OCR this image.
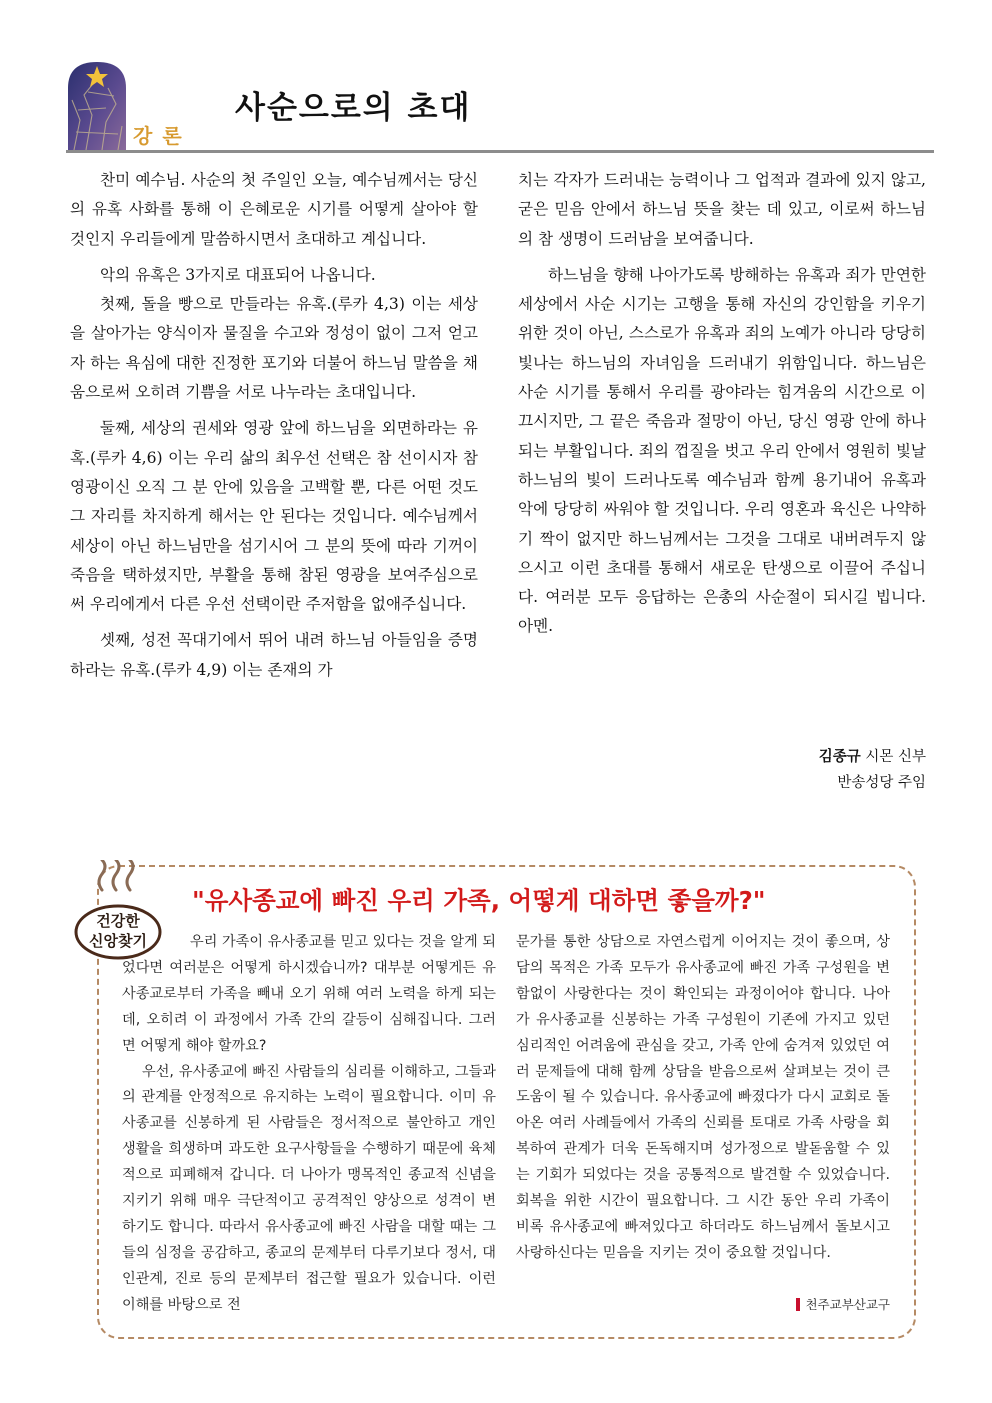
강론
사순으로의 초대

찬미 예수님. 사순의 첫 주일인 오늘, 예수님께서는 당신의 유혹 사화를 통해 이 은혜로운 시기를 어떻게 살아야 할 것인지 우리들에게 말씀하시면서 초대하고 계십니다.

악의 유혹은 3가지로 대표되어 나옵니다.

첫째, 돌을 빵으로 만들라는 유혹.(루카 4,3) 이는 세상을 살아가는 양식이자 물질을 수고와 정성이 없이 그저 얻고자 하는 욕심에 대한 진정한 포기와 더불어 하느님 말씀을 채움으로써 오히려 기쁨을 서로 나누라는 초대입니다.

둘째, 세상의 권세와 영광 앞에 하느님을 외면하라는 유혹.(루카 4,6) 이는 우리 삶의 최우선 선택은 참 선이시자 참 영광이신 오직 그 분 안에 있음을 고백할 뿐, 다른 어떤 것도 그 자리를 차지하게 해서는 안 된다는 것입니다. 예수님께서 세상이 아닌 하느님만을 섬기시어 그 분의 뜻에 따라 기꺼이 죽음을 택하셨지만, 부활을 통해 참된 영광을 보여주심으로써 우리에게서 다른 우선 선택이란 주저함을 없애주십니다.

셋째, 성전 꼭대기에서 뛰어 내려 하느님 아들임을 증명하라는 유혹.(루카 4,9) 이는 존재의 가

치는 각자가 드러내는 능력이나 그 업적과 결과에 있지 않고, 굳은 믿음 안에서 하느님 뜻을 찾는 데 있고, 이로써 하느님의 참 생명이 드러남을 보여줍니다.

하느님을 향해 나아가도록 방해하는 유혹과 죄가 만연한 세상에서 사순 시기는 고행을 통해 자신의 강인함을 키우기 위한 것이 아닌, 스스로가 유혹과 죄의 노예가 아니라 당당히 빛나는 하느님의 자녀임을 드러내기 위함입니다. 하느님은 사순 시기를 통해서 우리를 광야라는 힘겨움의 시간으로 이끄시지만, 그 끝은 죽음과 절망이 아닌, 당신 영광 안에 하나되는 부활입니다. 죄의 껍질을 벗고 우리 안에서 영원히 빛날 하느님의 빛이 드러나도록 예수님과 함께 용기내어 유혹과 악에 당당히 싸워야 할 것입니다. 우리 영혼과 육신은 나약하기 짝이 없지만 하느님께서는 그것을 그대로 내버려두지 않으시고 이런 초대를 통해서 새로운 탄생으로 이끌어 주십니다. 여러분 모두 응답하는 은총의 사순절이 되시길 빕니다. 아멘.

김종규 시몬 신부
반송성당 주임
건강한
신앙찾기
"유사종교에 빠진 우리 가족, 어떻게 대하면 좋을까?"

우리 가족이 유사종교를 믿고 있다는 것을 알게 되었다면 여러분은 어떻게 하시겠습니까? 대부분 어떻게든 유사종교로부터 가족을 빼내 오기 위해 여러 노력을 하게 되는데, 오히려 이 과정에서 가족 간의 갈등이 심해집니다. 그러면 어떻게 해야 할까요?

우선, 유사종교에 빠진 사람들의 심리를 이해하고, 그들과의 관계를 안정적으로 유지하는 노력이 필요합니다. 이미 유사종교를 신봉하게 된 사람들은 정서적으로 불안하고 개인 생활을 희생하며 과도한 요구사항들을 수행하기 때문에 육체적으로 피폐해져 갑니다. 더 나아가 맹목적인 종교적 신념을 지키기 위해 매우 극단적이고 공격적인 양상으로 성격이 변하기도 합니다. 따라서 유사종교에 빠진 사람을 대할 때는 그들의 심정을 공감하고, 종교의 문제부터 다루기보다 정서, 대인관계, 진로 등의 문제부터 접근할 필요가 있습니다. 이런 이해를 바탕으로 전

문가를 통한 상담으로 자연스럽게 이어지는 것이 좋으며, 상담의 목적은 가족 모두가 유사종교에 빠진 가족 구성원을 변함없이 사랑한다는 것이 확인되는 과정이어야 합니다. 나아가 유사종교를 신봉하는 가족 구성원이 기존에 가지고 있던 심리적인 어려움에 관심을 갖고, 가족 안에 숨겨져 있었던 여러 문제들에 대해 함께 상담을 받음으로써 살펴보는 것이 큰 도움이 될 수 있습니다. 유사종교에 빠졌다가 다시 교회로 돌아온 여러 사례들에서 가족의 신뢰를 토대로 가족 사랑을 회복하여 관계가 더욱 돈독해지며 성가정으로 발돋움할 수 있는 기회가 되었다는 것을 공통적으로 발견할 수 있었습니다. 회복을 위한 시간이 필요합니다. 그 시간 동안 우리 가족이 비록 유사종교에 빠져있다고 하더라도 하느님께서 돌보시고 사랑하신다는 믿음을 지키는 것이 중요할 것입니다.

천주교부산교구
